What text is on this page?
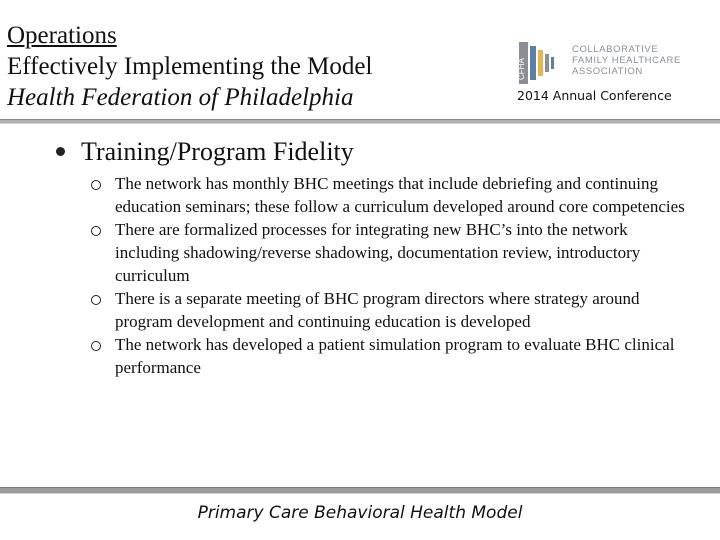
Operations
Effectively Implementing the Model
Health Federation of Philadelphia
CFHA
COLLABORATIVE
FAMILY HEALTHCARE
ASSOCIATION
2014 Annual Conference
Training/Program Fidelity
The network has monthly BHC meetings that include debriefing and continuing education seminars; these follow a curriculum developed around core competencies
There are formalized processes for integrating new BHC’s into the network including shadowing/reverse shadowing, documentation review, introductory curriculum
There is a separate meeting of BHC program directors where strategy around program development and continuing education is developed
The network has developed a patient simulation program to evaluate BHC clinical performance
Primary Care Behavioral Health Model
